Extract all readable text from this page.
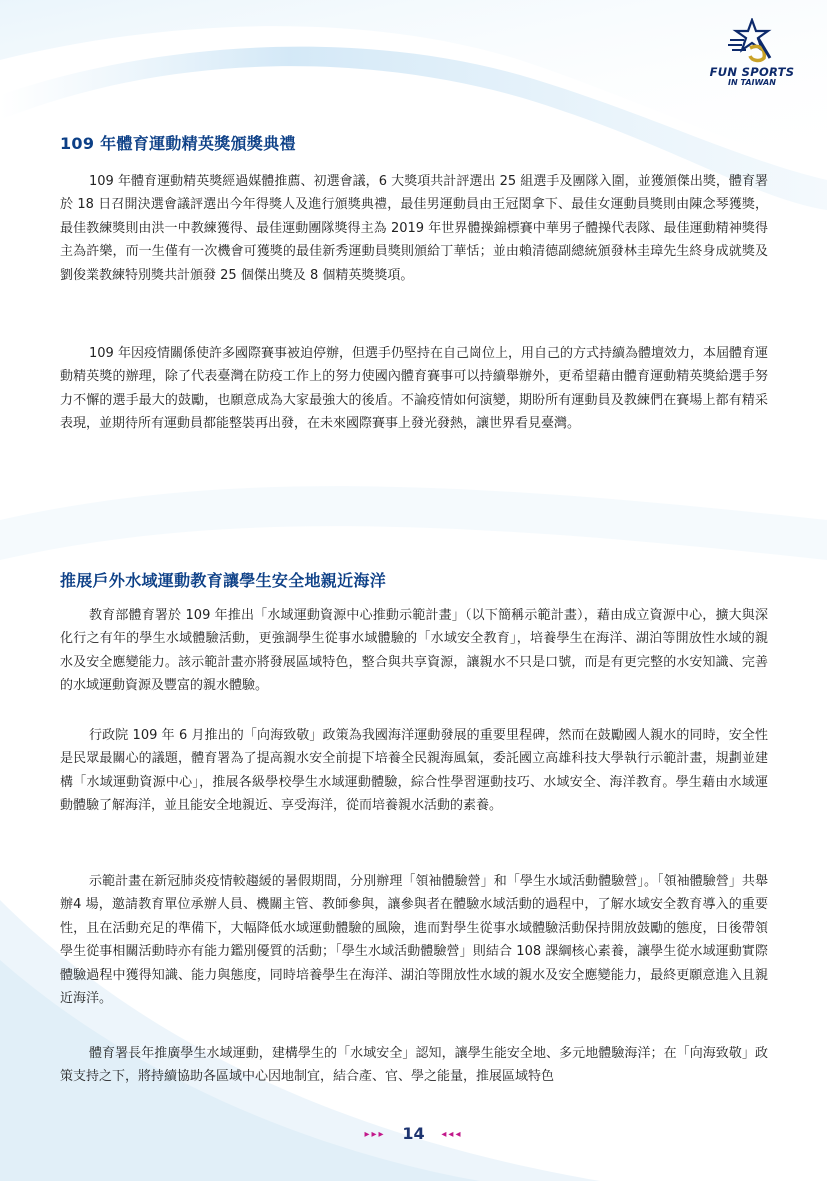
FUN SPORTS
IN TAIWAN
109 年體育運動精英獎頒獎典禮

109 年體育運動精英獎經過媒體推薦、初選會議，6 大獎項共計評選出 25 組選手及團隊入圍，並獲頒傑出獎，體育署於 18 日召開決選會議評選出今年得獎人及進行頒獎典禮，最佳男運動員由王冠閎拿下、最佳女運動員獎則由陳念琴獲獎，最佳教練獎則由洪一中教練獲得、最佳運動團隊獎得主為 2019 年世界體操錦標賽中華男子體操代表隊、最佳運動精神獎得主為許樂，而一生僅有一次機會可獲獎的最佳新秀運動員獎則頒給丁華恬；並由賴清德副總統頒發林圭璋先生終身成就獎及劉俊業教練特別獎共計頒發 25 個傑出獎及 8 個精英獎獎項。

109 年因疫情關係使許多國際賽事被迫停辦，但選手仍堅持在自己崗位上，用自己的方式持續為體壇效力，本屆體育運動精英獎的辦理，除了代表臺灣在防疫工作上的努力使國內體育賽事可以持續舉辦外，更希望藉由體育運動精英獎給選手努力不懈的選手最大的鼓勵，也願意成為大家最強大的後盾。不論疫情如何演變，期盼所有運動員及教練們在賽場上都有精采表現，並期待所有運動員都能整裝再出發，在未來國際賽事上發光發熱，讓世界看見臺灣。

推展戶外水域運動教育讓學生安全地親近海洋

教育部體育署於 109 年推出「水域運動資源中心推動示範計畫」（以下簡稱示範計畫），藉由成立資源中心，擴大與深化行之有年的學生水域體驗活動，更強調學生從事水域體驗的「水域安全教育」，培養學生在海洋、湖泊等開放性水域的親水及安全應變能力。該示範計畫亦將發展區域特色，整合與共享資源，讓親水不只是口號，而是有更完整的水安知識、完善的水域運動資源及豐富的親水體驗。

行政院 109 年 6 月推出的「向海致敬」政策為我國海洋運動發展的重要里程碑，然而在鼓勵國人親水的同時，安全性是民眾最關心的議題，體育署為了提高親水安全前提下培養全民親海風氣，委託國立高雄科技大學執行示範計畫，規劃並建構「水域運動資源中心」，推展各級學校學生水域運動體驗，綜合性學習運動技巧、水域安全、海洋教育。學生藉由水域運動體驗了解海洋，並且能安全地親近、享受海洋，從而培養親水活動的素養。

示範計畫在新冠肺炎疫情較趨緩的暑假期間，分別辦理「領袖體驗營」和「學生水域活動體驗營」。「領袖體驗營」共舉辦4 場，邀請教育單位承辦人員、機關主管、教師參與，讓參與者在體驗水域活動的過程中，了解水域安全教育導入的重要性，且在活動充足的準備下，大幅降低水域運動體驗的風險，進而對學生從事水域體驗活動保持開放鼓勵的態度，日後帶領學生從事相關活動時亦有能力鑑別優質的活動；「學生水域活動體驗營」則結合 108 課綱核心素養，讓學生從水域運動實際體驗過程中獲得知識、能力與態度，同時培養學生在海洋、湖泊等開放性水域的親水及安全應變能力，最終更願意進入且親近海洋。

體育署長年推廣學生水域運動，建構學生的「水域安全」認知，讓學生能安全地、多元地體驗海洋；在「向海致敬」政策支持之下，將持續協助各區域中心因地制宜，結合產、官、學之能量，推展區域特色

▸▸▸ 14 ◂◂◂
